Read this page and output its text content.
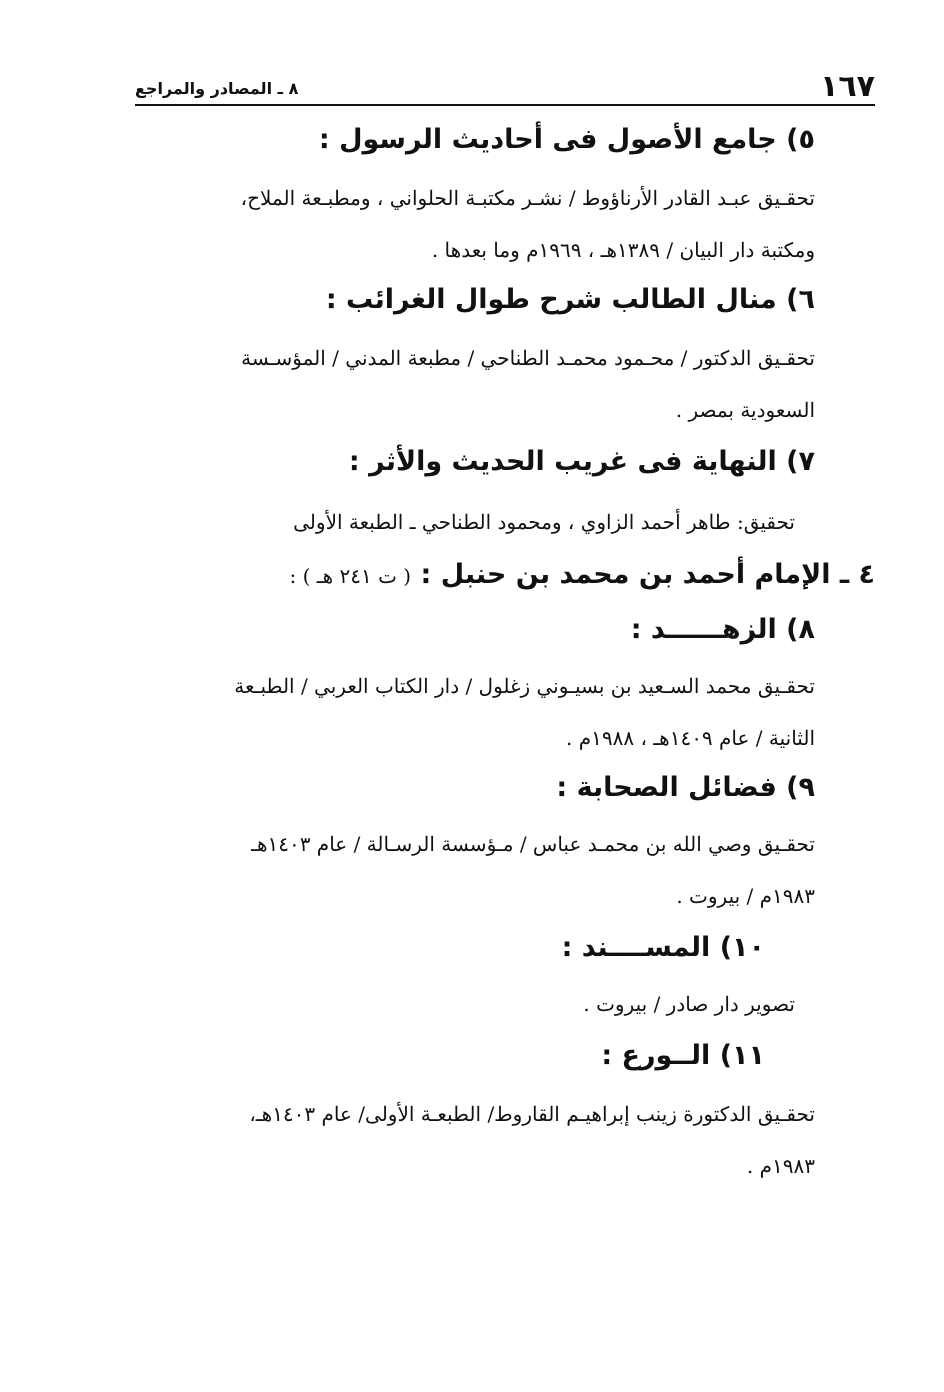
١٦٧
٨ ـ المصادر والمراجع
٥) جامع الأصول فى أحاديث الرسول :

تحقـيق عبـد القادر الأرناؤوط / نشـر مكتبـة الحلواني ، ومطبـعة الملاح،

ومكتبة دار البيان / ١٣٨٩هـ ، ١٩٦٩م وما بعدها .

٦) منال الطالب شرح طوال الغرائب :

تحقـيق الدكتور / محـمود محمـد الطناحي / مطبعة المدني / المؤسـسة

السعودية بمصر .

٧) النهاية فى غريب الحديث والأثر :

تحقيق: طاهر أحمد الزاوي ، ومحمود الطناحي ـ الطبعة الأولى

٤ ـ الإمام أحمد بن محمد بن حنبل : ( ت ٢٤١ هـ ) :
٨) الزهــــــد :

تحقـيق محمد السـعيد بن بسيـوني زغلول / دار الكتاب العربي / الطبـعة

الثانية / عام ١٤٠٩هـ ، ١٩٨٨م .

٩) فضائل الصحابة :

تحقـيق وصي الله بن محمـد عباس / مـؤسسة الرسـالة / عام ١٤٠٣هـ

١٩٨٣م / بيروت .

١٠) المســــند :

تصوير دار صادر / بيروت .

١١) الــورع :

تحقـيق الدكتورة زينب إبراهيـم القاروط/ الطبعـة الأولى/ عام ١٤٠٣هـ،

١٩٨٣م .
